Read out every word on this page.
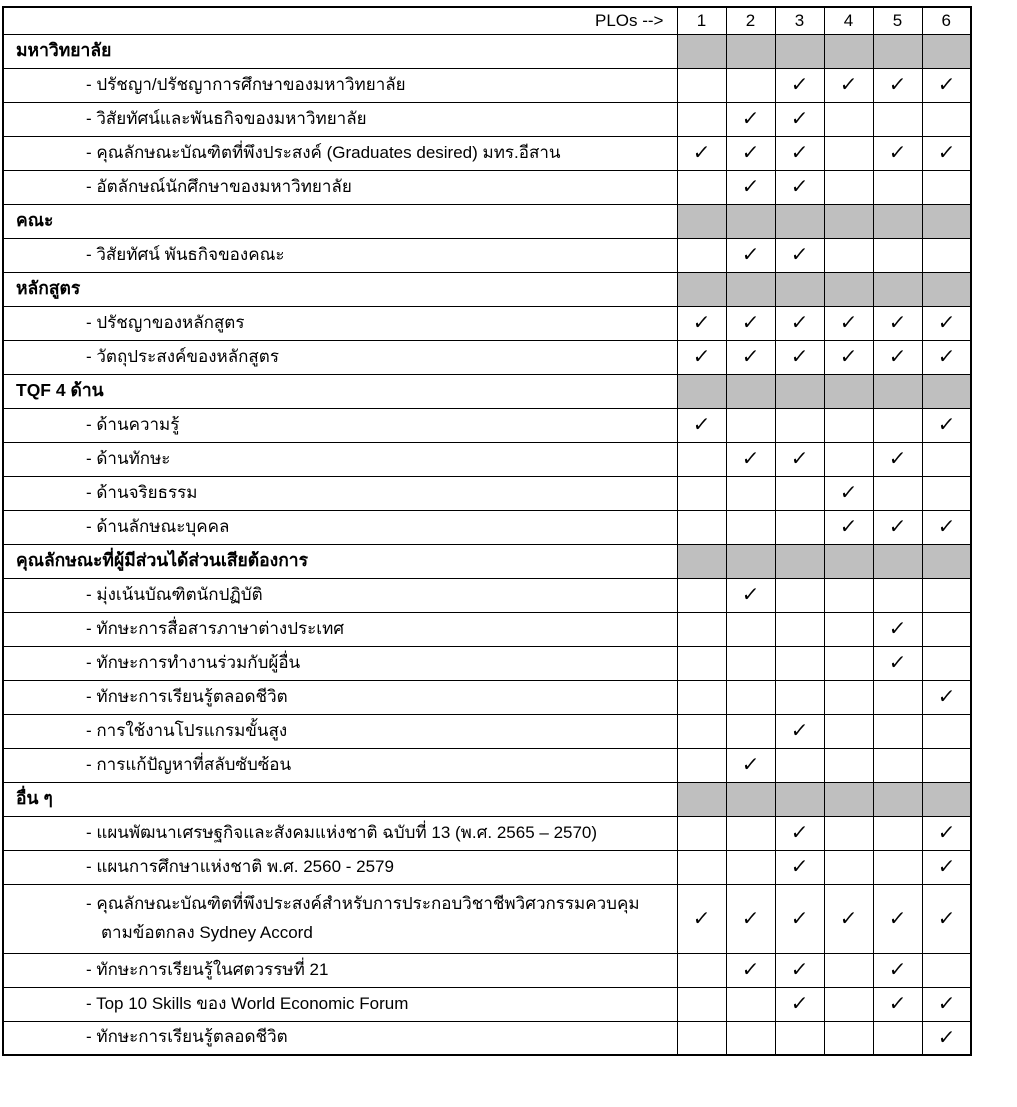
PLOs -->	1	2	3	4	5	6

มหาวิทยาลัย						

- ปรัชญา/ปรัชญาการศึกษาของมหาวิทยาลัย			✓	✓	✓	✓

- วิสัยทัศน์และพันธกิจของมหาวิทยาลัย		✓	✓			

- คุณลักษณะบัณฑิตที่พึงประสงค์ (Graduates desired) มทร.อีสาน	✓	✓	✓		✓	✓

- อัตลักษณ์นักศึกษาของมหาวิทยาลัย		✓	✓			

คณะ						

- วิสัยทัศน์ พันธกิจของคณะ		✓	✓			

หลักสูตร						

- ปรัชญาของหลักสูตร	✓	✓	✓	✓	✓	✓

- วัตถุประสงค์ของหลักสูตร	✓	✓	✓	✓	✓	✓

TQF 4 ด้าน						

- ด้านความรู้	✓					✓

- ด้านทักษะ		✓	✓		✓	

- ด้านจริยธรรม				✓		

- ด้านลักษณะบุคคล				✓	✓	✓

คุณลักษณะที่ผู้มีส่วนได้ส่วนเสียต้องการ						

- มุ่งเน้นบัณฑิตนักปฏิบัติ		✓				

- ทักษะการสื่อสารภาษาต่างประเทศ					✓	

- ทักษะการทำงานร่วมกับผู้อื่น					✓	

- ทักษะการเรียนรู้ตลอดชีวิต						✓

- การใช้งานโปรแกรมขั้นสูง			✓			

- การแก้ปัญหาที่สลับซับซ้อน		✓				

อื่น ๆ						

- แผนพัฒนาเศรษฐกิจและสังคมแห่งชาติ ฉบับที่ 13 (พ.ศ. 2565 – 2570)			✓			✓

- แผนการศึกษาแห่งชาติ พ.ศ. 2560 - 2579			✓			✓

- คุณลักษณะบัณฑิตที่พึงประสงค์สำหรับการประกอบวิชาชีพวิศวกรรมควบคุม
ตามข้อตกลง Sydney Accord	✓	✓	✓	✓	✓	✓

- ทักษะการเรียนรู้ในศตวรรษที่ 21		✓	✓		✓	

- Top 10 Skills ของ World Economic Forum			✓		✓	✓

- ทักษะการเรียนรู้ตลอดชีวิต						✓
